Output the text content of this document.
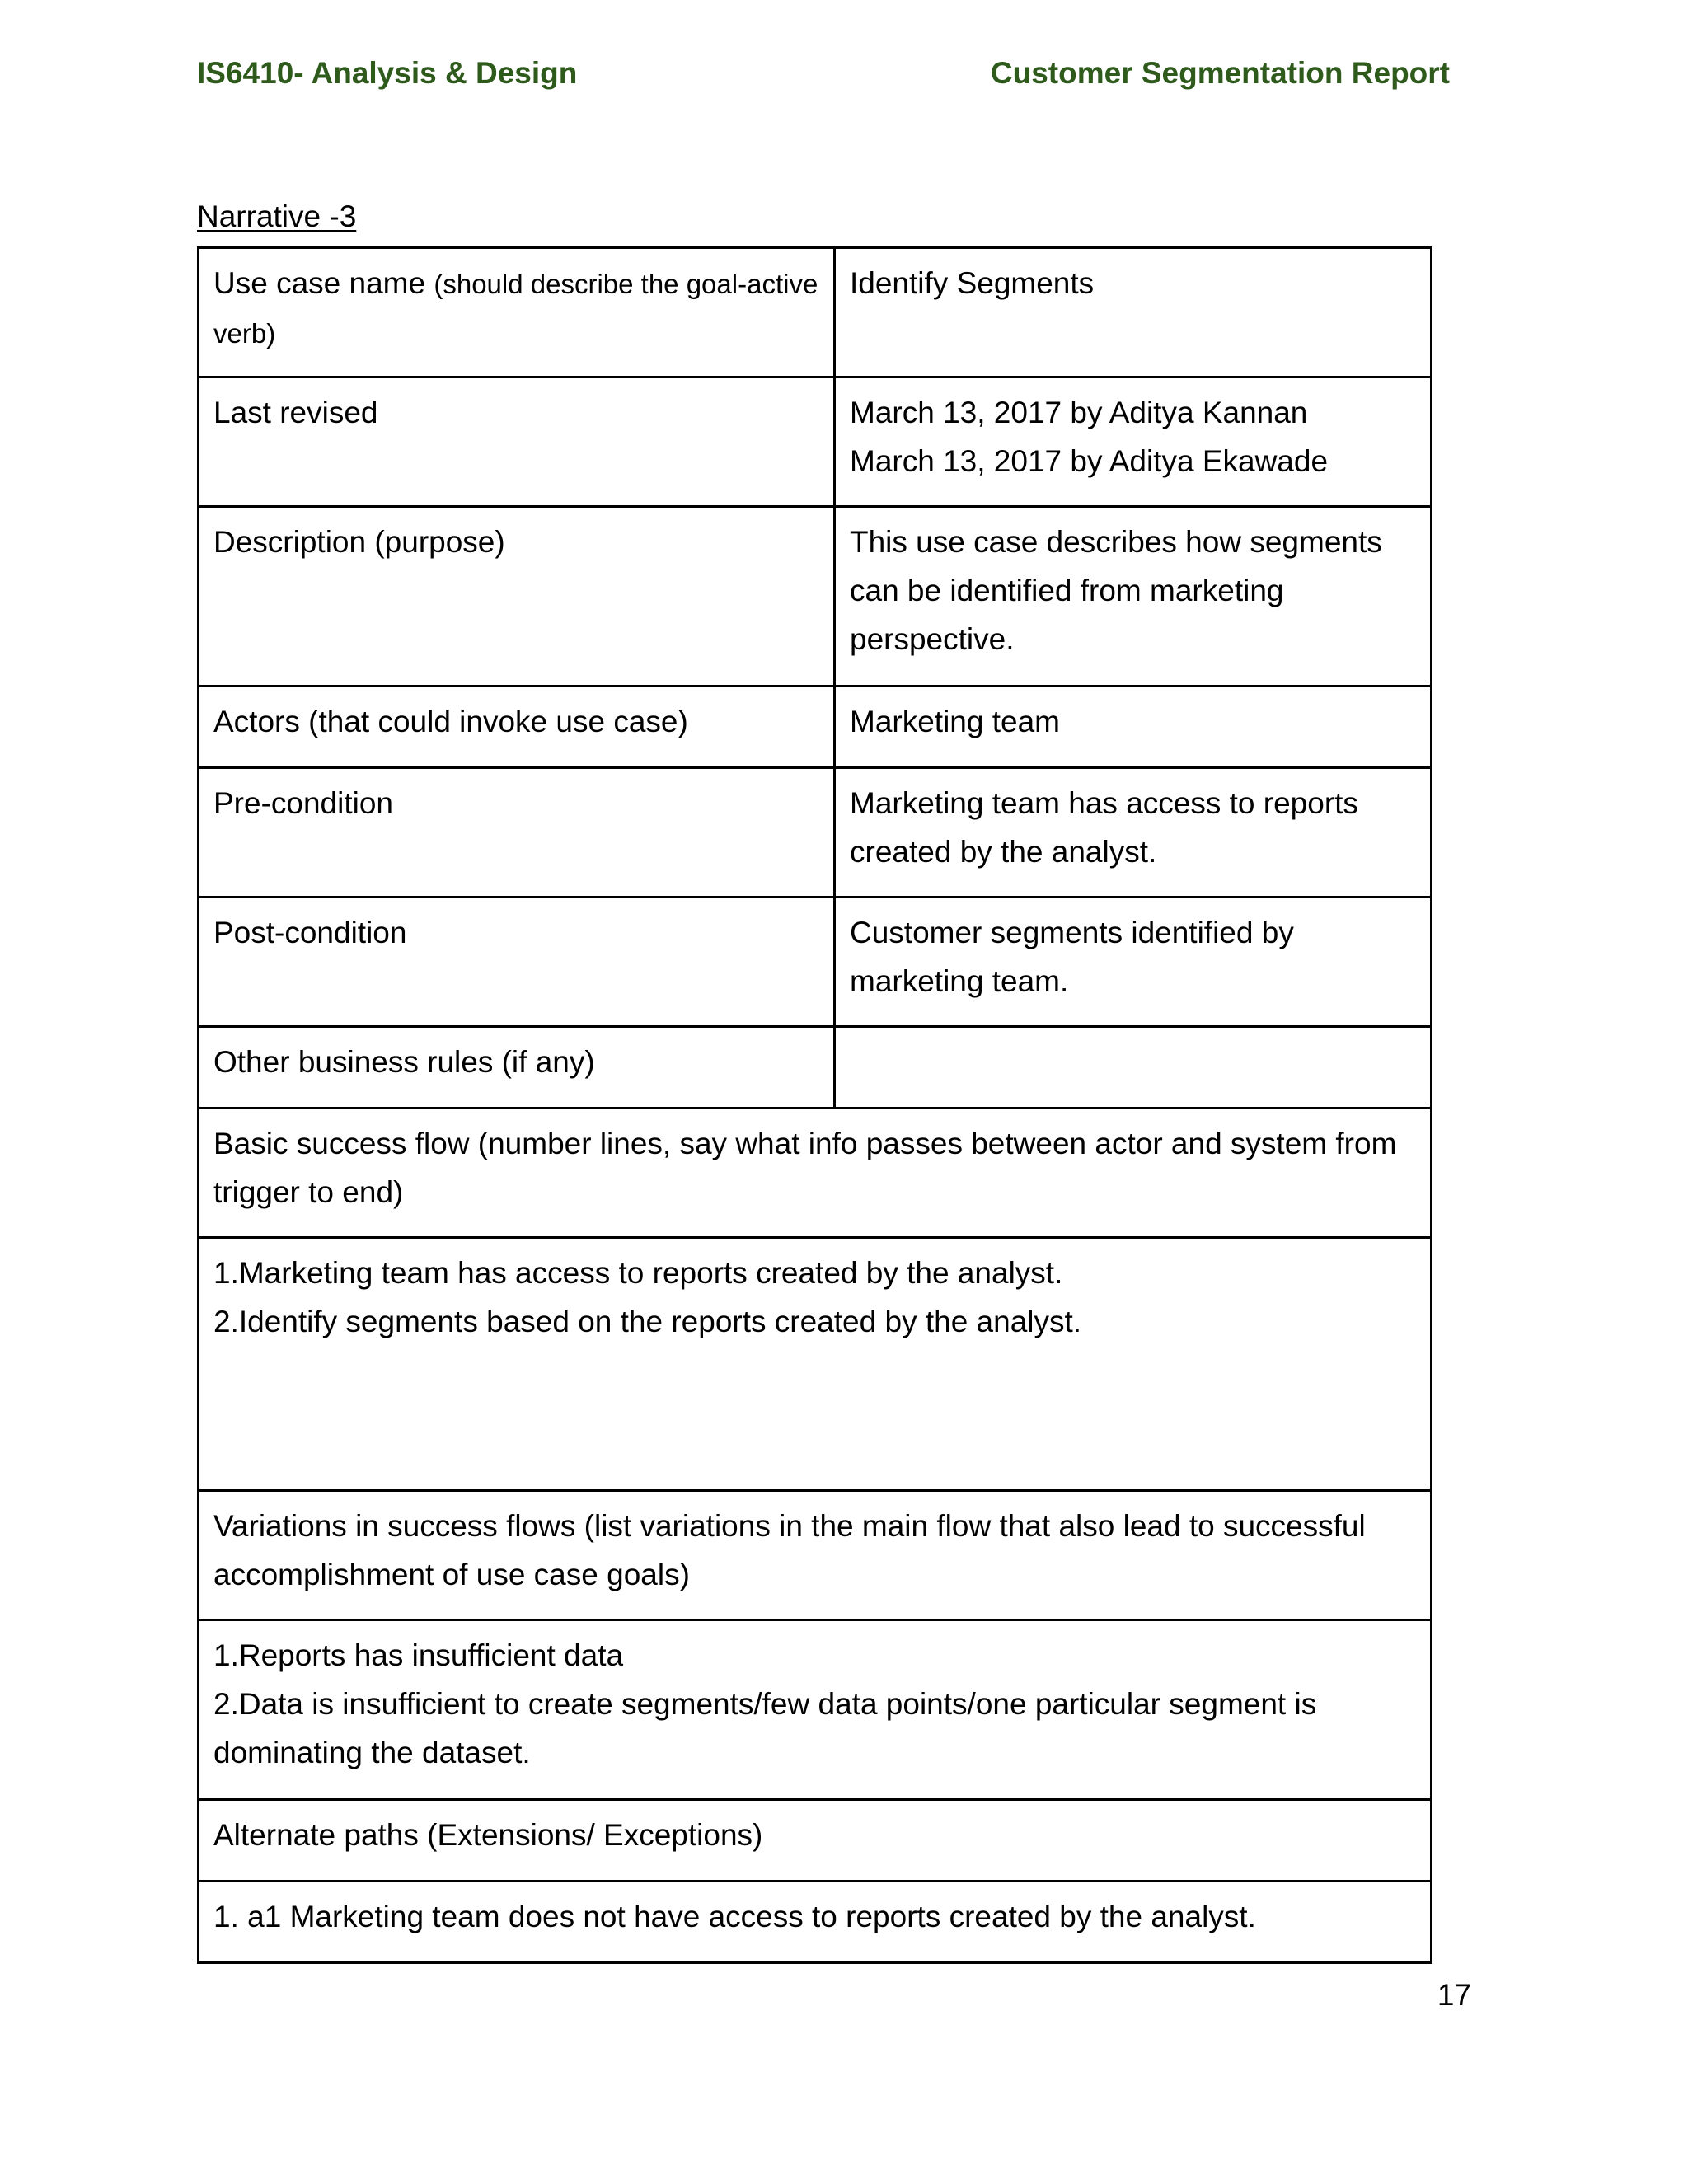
IS6410- Analysis & Design	Customer Segmentation Report
Narrative -3
Use case name (should describe the goal-active verb)	Identify Segments
Last revised	March 13, 2017 by Aditya Kannan
March 13, 2017 by Aditya Ekawade

Description (purpose)	This use case describes how segments can be identified from marketing perspective.
Actors (that could invoke use case)	Marketing team
Pre-condition	Marketing team has access to reports created by the analyst.
Post-condition	Customer segments identified by marketing team.
Other business rules (if any)	
Basic success flow (number lines, say what info passes between actor and system from trigger to end)	

1.Marketing team has access to reports created by the analyst.
2.Identify segments based on the reports created by the analyst.	

Variations in success flows (list variations in the main flow that also lead to successful accomplishment of use case goals)	

1.Reports has insufficient data
2.Data is insufficient to create segments/few data points/one particular segment is dominating the dataset.	

Alternate paths (Extensions/ Exceptions)	

1. a1 Marketing team does not have access to reports created by the analyst.	
17
